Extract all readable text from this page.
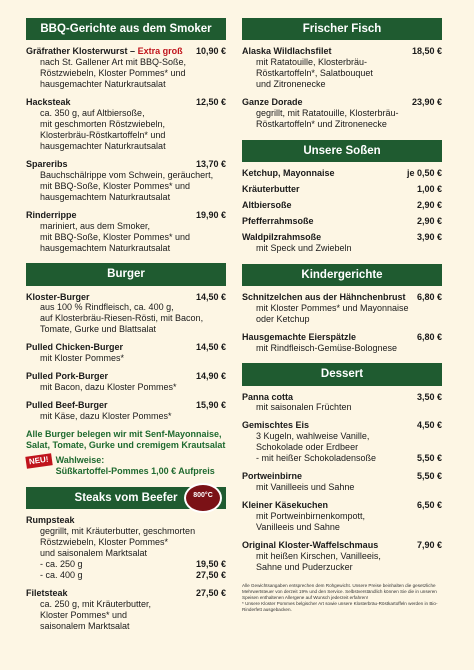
BBQ-Gerichte aus dem Smoker
Gräfrather Klosterwurst – Extra groß 10,90 €
nach St. Gallener Art mit BBQ-Soße,
Röstzwiebeln, Kloster Pommes* und
hausgemachter Naturkrautsalat
Hacksteak	12,50 €
ca. 350 g, auf Altbiersoße,
mit geschmorten Röstzwiebeln,
Klosterbräu-Röstkartoffeln* und
hausgemachter Naturkrautsalat
Spareribs	13,70 €
Bauchschälrippe vom Schwein, geräuchert,
mit BBQ-Soße, Kloster Pommes* und
hausgemachtem Naturkrautsalat
Rinderrippe	19,90 €
mariniert, aus dem Smoker,
mit BBQ-Soße, Kloster Pommes* und
hausgemachtem Naturkrautsalat
Burger
Kloster-Burger	14,50 €
aus 100 % Rindfleisch, ca. 400 g,
auf Klosterbräu-Riesen-Rösti, mit Bacon,
Tomate, Gurke und Blattsalat
Pulled Chicken-Burger	14,50 €
mit Kloster Pommes*
Pulled Pork-Burger	14,90 €
mit Bacon, dazu Kloster Pommes*
Pulled Beef-Burger	15,90 €
mit Käse, dazu Kloster Pommes*
Alle Burger belegen wir mit Senf-Mayonnaise, Salat, Tomate, Gurke und cremigem Krautsalat
NEU! Wahlweise:
Süßkartoffel-Pommes 1,00 € Aufpreis
Steaks vom Beefer	800°C
Rumpsteak
gegrillt, mit Kräuterbutter, geschmorten
Röstzwiebeln, Kloster Pommes*
und saisonalem Marktsalat
- ca. 250 g	19,50 €
- ca. 400 g	27,50 €
Filetsteak	27,50 €
ca. 250 g, mit Kräuterbutter,
Kloster Pommes* und
saisonalem Marktsalat
Frischer Fisch
Alaska Wildlachsfilet	18,50 €
mit Ratatouille, Klosterbräu-
Röstkartoffeln*, Salatbouquet
und Zitronenecke
Ganze Dorade	23,90 €
gegrillt, mit Ratatouille, Klosterbräu-
Röstkartoffeln* und Zitronenecke
Unsere Soßen
Ketchup, Mayonnaise	je 0,50 €
Kräuterbutter	1,00 €
Altbiersoße	2,90 €
Pfefferrahmsoße	2,90 €
Waldpilzrahmsoße	3,90 €
mit Speck und Zwiebeln
Kindergerichte
Schnitzelchen aus der Hähnchenbrust 6,80 €
mit Kloster Pommes* und Mayonnaise
oder Ketchup
Hausgemachte Eierspätzle	6,80 €
mit Rindfleisch-Gemüse-Bolognese
Dessert
Panna cotta	3,50 €
mit saisonalen Früchten
Gemischtes Eis	4,50 €
3 Kugeln, wahlweise Vanille,
Schokolade oder Erdbeer
- mit heißer Schokoladensoße	5,50 €
Portweinbirne	5,50 €
mit Vanilleeis und Sahne
Kleiner Käsekuchen	6,50 €
mit Portweinbirnenkompott,
Vanilleeis und Sahne
Original Kloster-Waffelschmaus	7,90 €
mit heißen Kirschen, Vanilleeis,
Sahne und Puderzucker
Alle Gewichtsangaben entsprechen dem Rohgewicht. Unsere Preise beinhalten die gesetzliche Mehrwertsteuer von derzeit 19% und den Service. Selbstverständlich können Sie die in unseren Speisen enthaltenen Allergene auf Wunsch jederzeit erfahren!
* Unsere Kloster Pommes belgischer Art sowie unsere Klosterbräu-Röstkartoffeln werden in Bio-Rinderfett ausgebacken.
